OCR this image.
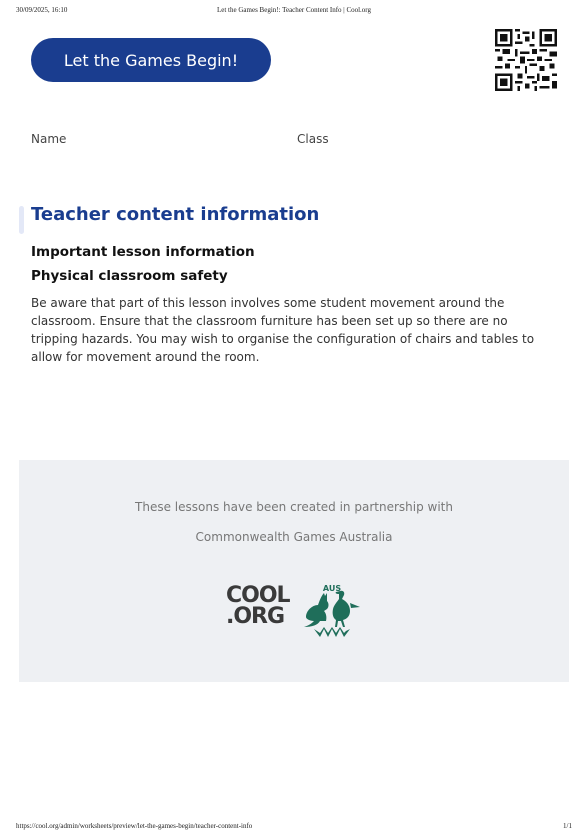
30/09/2025, 16:10	Let the Games Begin!: Teacher Content Info | Cool.org
Let the Games Begin!
Name	Class
Teacher content information
Important lesson information
Physical classroom safety

Be aware that part of this lesson involves some student movement around the classroom. Ensure that the classroom furniture has been set up so there are no tripping hazards. You may wish to organise the configuration of chairs and tables to allow for movement around the room.

These lessons have been created in partnership with

Commonwealth Games Australia

COOL
.ORG
AUS
https://cool.org/admin/worksheets/preview/let-the-games-begin/teacher-content-info	1/1
